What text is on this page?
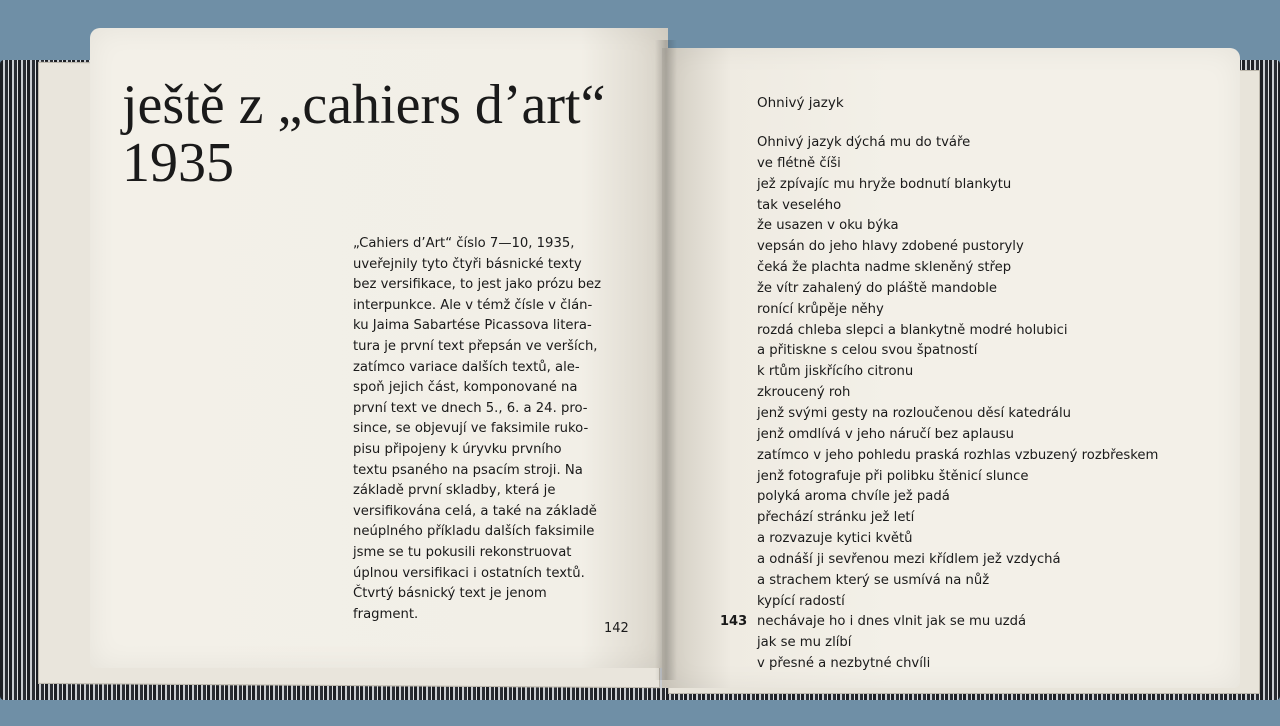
ještě z „cahiers d’art“
1935
„Cahiers d’Art“ číslo 7—10, 1935,
uveřejnily tyto čtyři básnické texty
bez versifikace, to jest jako prózu bez
interpunkce. Ale v témž čísle v člán-
ku Jaima Sabartése Picassova litera-
tura je první text přepsán ve verších,
zatímco variace dalších textů, ale-
spoň jejich část, komponované na
první text ve dnech 5., 6. a 24. pro-
since, se objevují ve faksimile ruko-
pisu připojeny k úryvku prvního
textu psaného na psacím stroji. Na
základě první skladby, která je
versifikována celá, a také na základě
neúplného příkladu dalších faksimile
jsme se tu pokusili rekonstruovat
úplnou versifikaci i ostatních textů.
Čtvrtý básnický text je jenom
fragment.
142
Ohnivý jazyk
Ohnivý jazyk dýchá mu do tváře
ve flétně číši
jež zpívajíc mu hryže bodnutí blankytu
tak veselého
že usazen v oku býka
vepsán do jeho hlavy zdobené pustoryly
čeká že plachta nadme skleněný střep
že vítr zahalený do pláště mandoble
ronící krůpěje něhy
rozdá chleba slepci a blankytně modré holubici
a přitiskne s celou svou špatností
k rtům jiskřícího citronu
zkroucený roh
jenž svými gesty na rozloučenou děsí katedrálu
jenž omdlívá v jeho náručí bez aplausu
zatímco v jeho pohledu praská rozhlas vzbuzený rozbřeskem
jenž fotografuje při polibku štěnicí slunce
polyká aroma chvíle jež padá
přechází stránku jež letí
a rozvazuje kytici květů
a odnáší ji sevřenou mezi křídlem jež vzdychá
a strachem který se usmívá na nůž
kypící radostí
nechávaje ho i dnes vlnit jak se mu uzdá
jak se mu zlíbí
v přesné a nezbytné chvíli
143
